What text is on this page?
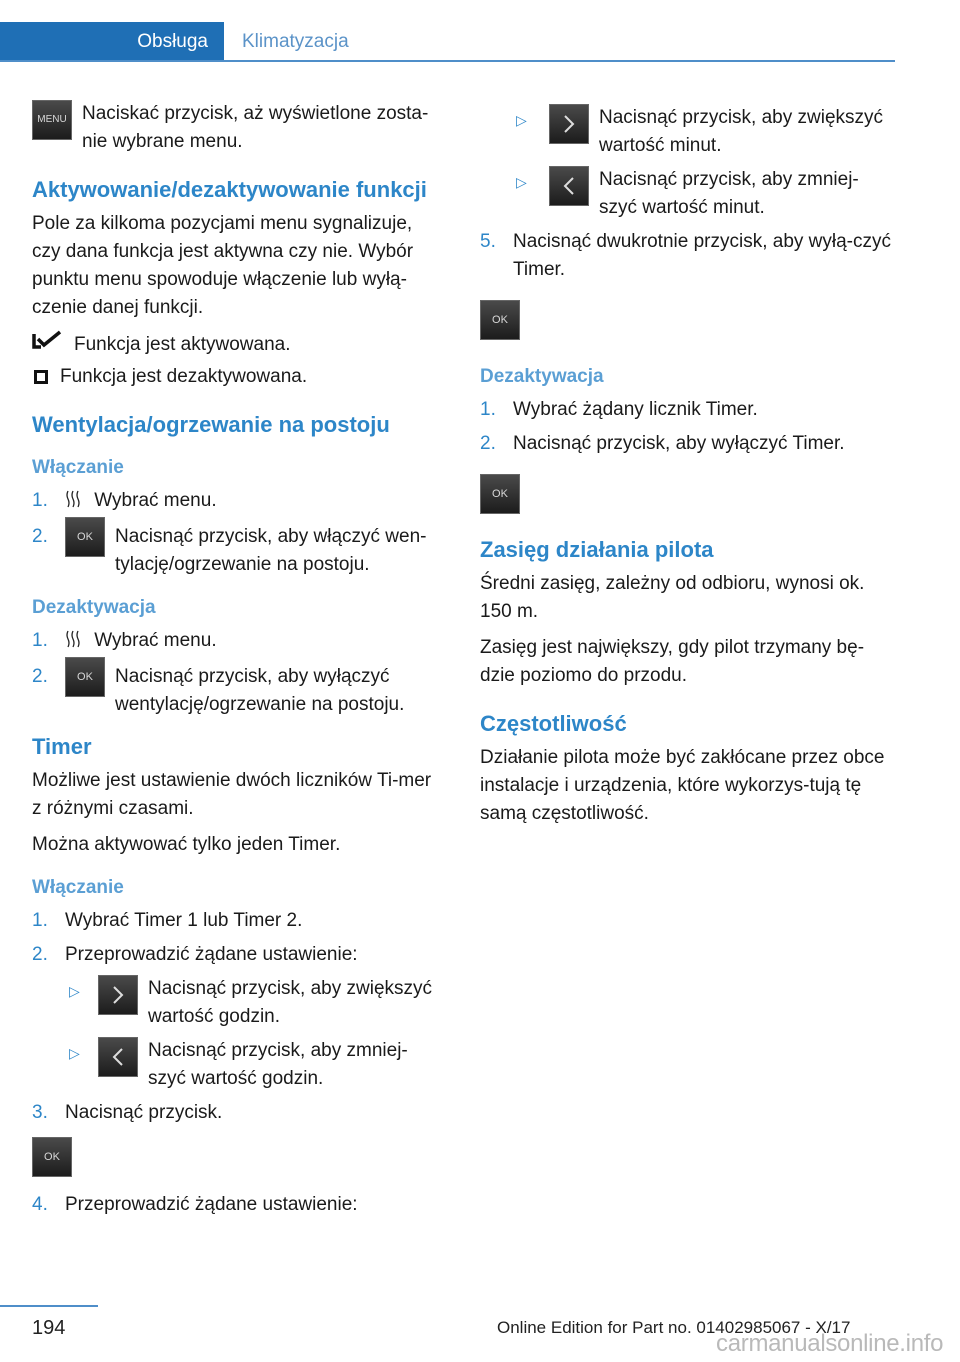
Obsługa	Klimatyzacja
MENU Naciskać przycisk, aż wyświetlone zosta‐nie wybrane menu.
Aktywowanie/dezaktywowanie funkcji

Pole za kilkoma pozycjami menu sygnalizuje, czy dana funkcja jest aktywna czy nie. Wybór punktu menu spowoduje włączenie lub wyłą‐czenie danej funkcji.

Funkcja jest aktywowana.
Funkcja jest dezaktywowana.
Wentylacja/ogrzewanie na postoju
Włączanie
1. Wybrać menu.
2.	OK	Nacisnąć przycisk, aby włączyć wen‐tylację/ogrzewanie na postoju.
Dezaktywacja
1. Wybrać menu.
2.	OK	Nacisnąć przycisk, aby wyłączyć wentylację/ogrzewanie na postoju.
Timer

Możliwe jest ustawienie dwóch liczników Ti‐mer z różnymi czasami.

Można aktywować tylko jeden Timer.

Włączanie
1. Wybrać Timer 1 lub Timer 2.
2. Przeprowadzić żądane ustawienie:
▷	Nacisnąć przycisk, aby zwiększyć wartość godzin.
▷	Nacisnąć przycisk, aby zmniej‐szyć wartość godzin.
3. Nacisnąć przycisk.
OK
4. Przeprowadzić żądane ustawienie:
▷	Nacisnąć przycisk, aby zwiększyć wartość minut.
▷	Nacisnąć przycisk, aby zmniej‐szyć wartość minut.
5. Nacisnąć dwukrotnie przycisk, aby wyłą‐czyć Timer.
OK
Dezaktywacja
1. Wybrać żądany licznik Timer.
2. Nacisnąć przycisk, aby wyłączyć Timer.
OK
Zasięg działania pilota

Średni zasięg, zależny od odbioru, wynosi ok. 150 m.

Zasięg jest największy, gdy pilot trzymany bę‐dzie poziomo do przodu.

Częstotliwość

Działanie pilota może być zakłócane przez obce instalacje i urządzenia, które wykorzys‐tują tę samą częstotliwość.

194	Online Edition for Part no. 01402985067 - X/17
carmanualsonline.info
